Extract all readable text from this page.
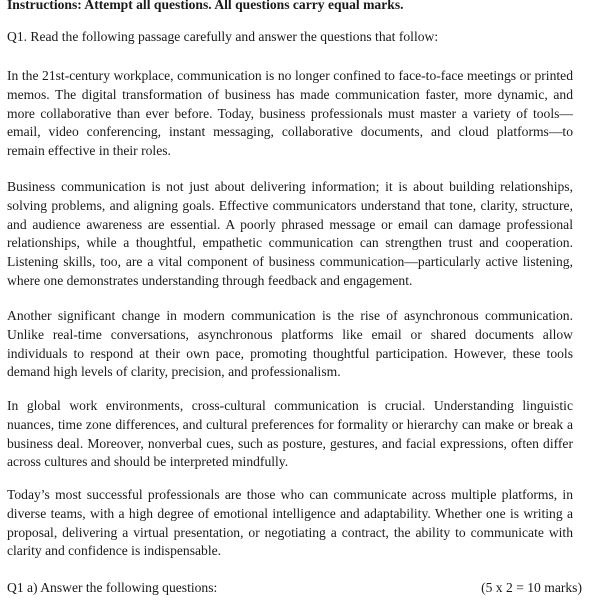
Instructions: Attempt all questions. All questions carry equal marks.

Q1. Read the following passage carefully and answer the questions that follow:

In the 21st-century workplace, communication is no longer confined to face-to-face meetings or printed memos. The digital transformation of business has made communication faster, more dynamic, and more collaborative than ever before. Today, business professionals must master a variety of tools—email, video conferencing, instant messaging, collaborative documents, and cloud platforms—to remain effective in their roles.

Business communication is not just about delivering information; it is about building relationships, solving problems, and aligning goals. Effective communicators understand that tone, clarity, structure, and audience awareness are essential. A poorly phrased message or email can damage professional relationships, while a thoughtful, empathetic communication can strengthen trust and cooperation. Listening skills, too, are a vital component of business communication—particularly active listening, where one demonstrates understanding through feedback and engagement.

Another significant change in modern communication is the rise of asynchronous communication. Unlike real-time conversations, asynchronous platforms like email or shared documents allow individuals to respond at their own pace, promoting thoughtful participation. However, these tools demand high levels of clarity, precision, and professionalism.

In global work environments, cross-cultural communication is crucial. Understanding linguistic nuances, time zone differences, and cultural preferences for formality or hierarchy can make or break a business deal. Moreover, nonverbal cues, such as posture, gestures, and facial expressions, often differ across cultures and should be interpreted mindfully.

Today’s most successful professionals are those who can communicate across multiple platforms, in diverse teams, with a high degree of emotional intelligence and adaptability. Whether one is writing a proposal, delivering a virtual presentation, or negotiating a contract, the ability to communicate with clarity and confidence is indispensable.

Q1 a) Answer the following questions:	(5 x 2 = 10 marks)
